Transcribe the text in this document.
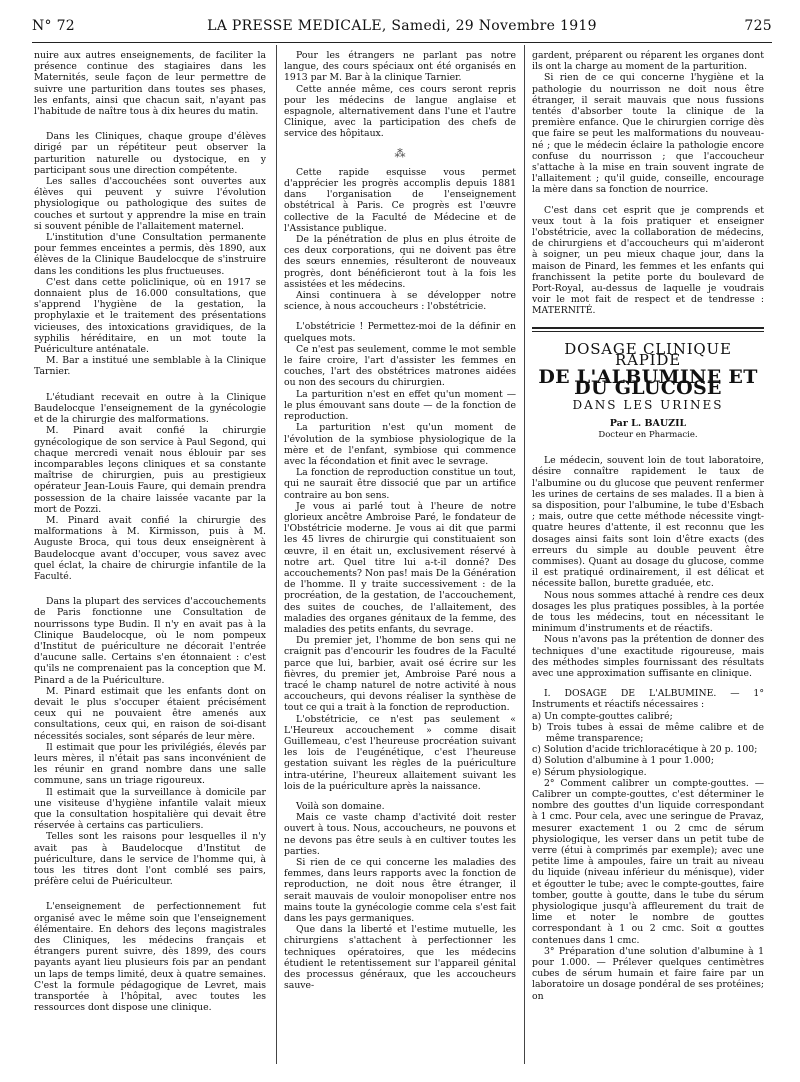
N° 72	LA PRESSE MEDICALE, Samedi, 29 Novembre 1919	725

nuire aux autres enseignements, de faciliter la présence continue des stagiaires dans les Maternités, seule façon de leur permettre de suivre une parturition dans toutes ses phases, les enfants, ainsi que chacun sait, n'ayant pas l'habitude de naître tous à dix heures du matin.

Dans les Cliniques, chaque groupe d'élèves dirigé par un répétiteur peut observer la parturition naturelle ou dystocique, en y participant sous une direction compétente.

Les salles d'accouchées sont ouvertes aux élèves qui peuvent y suivre l'évolution physiologique ou pathologique des suites de couches et surtout y apprendre la mise en train si souvent pénible de l'allaitement maternel.

L'institution d'une Consultation permanente pour femmes enceintes a permis, dès 1890, aux élèves de la Clinique Baudelocque de s'instruire dans les conditions les plus fructueuses.

C'est dans cette policlinique, où en 1917 se donnaient plus de 16.000 consultations, que s'apprend l'hygiène de la gestation, la prophylaxie et le traitement des présentations vicieuses, des intoxications gravidiques, de la syphilis héréditaire, en un mot toute la Puériculture anténatale.

M. Bar a institué une semblable à la Clinique Tarnier.

L'étudiant recevait en outre à la Clinique Baudelocque l'enseignement de la gynécologie et de la chirurgie des malformations.

M. Pinard avait confié la chirurgie gynécologique de son service à Paul Segond, qui chaque mercredi venait nous éblouir par ses incomparables leçons cliniques et sa constante maîtrise de chirurgien, puis au prestigieux opérateur Jean-Louis Faure, qui demain prendra possession de la chaire laissée vacante par la mort de Pozzi.

M. Pinard avait confié la chirurgie des malformations à M. Kirmisson, puis à M. Auguste Broca, qui tous deux enseignèrent à Baudelocque avant d'occuper, vous savez avec quel éclat, la chaire de chirurgie infantile de la Faculté.

Dans la plupart des services d'accouchements de Paris fonctionne une Consultation de nourrissons type Budin. Il n'y en avait pas à la Clinique Baudelocque, où le nom pompeux d'Institut de puériculture ne décorait l'entrée d'aucune salle. Certains s'en étonnaient : c'est qu'ils ne comprenaient pas la conception que M. Pinard a de la Puériculture.

M. Pinard estimait que les enfants dont on devait le plus s'occuper étaient précisément ceux qui ne pouvaient être amenés aux consultations, ceux qui, en raison de soi-disant nécessités sociales, sont séparés de leur mère.

Il estimait que pour les privilégiés, élevés par leurs mères, il n'était pas sans inconvénient de les réunir en grand nombre dans une salle commune, sans un triage rigoureux.

Il estimait que la surveillance à domicile par une visiteuse d'hygiène infantile valait mieux que la consultation hospitalière qui devait être réservée à certains cas particuliers.

Telles sont les raisons pour lesquelles il n'y avait pas à Baudelocque d'Institut de puériculture, dans le service de l'homme qui, à tous les titres dont l'ont comblé ses pairs, préfère celui de Puériculteur.

L'enseignement de perfectionnement fut organisé avec le même soin que l'enseignement élémentaire. En dehors des leçons magistrales des Cliniques, les médecins français et étrangers purent suivre, dès 1899, des cours payants ayant lieu plusieurs fois par an pendant un laps de temps limité, deux à quatre semaines. C'est la formule pédagogique de Levret, mais transportée à l'hôpital, avec toutes les ressources dont dispose une clinique.

Pour les étrangers ne parlant pas notre langue, des cours spéciaux ont été organisés en 1913 par M. Bar à la clinique Tarnier.

Cette année même, ces cours seront repris pour les médecins de langue anglaise et espagnole, alternativement dans l'une et l'autre Clinique, avec la participation des chefs de service des hôpitaux.

⁂

Cette rapide esquisse vous permet d'apprécier les progrès accomplis depuis 1881 dans l'organisation de l'enseignement obstétrical à Paris. Ce progrès est l'œuvre collective de la Faculté de Médecine et de l'Assistance publique.

De la pénétration de plus en plus étroite de ces deux corporations, qui ne doivent pas être des sœurs ennemies, résulteront de nouveaux progrès, dont bénéficieront tout à la fois les assistées et les médecins.

Ainsi continuera à se développer notre science, à nous accoucheurs : l'obstétricie.

L'obstétricie ! Permettez-moi de la définir en quelques mots.

Ce n'est pas seulement, comme le mot semble le faire croire, l'art d'assister les femmes en couches, l'art des obstétrices matrones aidées ou non des secours du chirurgien.

La parturition n'est en effet qu'un moment — le plus émouvant sans doute — de la fonction de reproduction.

La parturition n'est qu'un moment de l'évolution de la symbiose physiologique de la mère et de l'enfant, symbiose qui commence avec la fécondation et finit avec le sevrage.

La fonction de reproduction constitue un tout, qui ne saurait être dissocié que par un artifice contraire au bon sens.

Je vous ai parlé tout à l'heure de notre glorieux ancêtre Ambroise Paré, le fondateur de l'Obstétricie moderne. Je vous ai dit que parmi les 45 livres de chirurgie qui constituaient son œuvre, il en était un, exclusivement réservé à notre art. Quel titre lui a-t-il donné? Des accouchements? Non pas! mais De la Génération de l'homme. Il y traite successivement : de la procréation, de la gestation, de l'accouchement, des suites de couches, de l'allaitement, des maladies des organes génitaux de la femme, des maladies des petits enfants, du sevrage.

Du premier jet, l'homme de bon sens qui ne craignit pas d'encourir les foudres de la Faculté parce que lui, barbier, avait osé écrire sur les fièvres, du premier jet, Ambroise Paré nous a tracé le champ naturel de notre activité à nous accoucheurs, qui devons réaliser la synthèse de tout ce qui a trait à la fonction de reproduction.

L'obstétricie, ce n'est pas seulement « L'Heureux accouchement » comme disait Guillemeau, c'est l'heureuse procréation suivant les lois de l'eugénétique, c'est l'heureuse gestation suivant les règles de la puériculture intra-utérine, l'heureux allaitement suivant les lois de la puériculture après la naissance.

Voilà son domaine.

Mais ce vaste champ d'activité doit rester ouvert à tous. Nous, accoucheurs, ne pouvons et ne devons pas être seuls à en cultiver toutes les parties.

Si rien de ce qui concerne les maladies des femmes, dans leurs rapports avec la fonction de reproduction, ne doit nous être étranger, il serait mauvais de vouloir monopoliser entre nos mains toute la gynécologie comme cela s'est fait dans les pays germaniques.

Que dans la liberté et l'estime mutuelle, les chirurgiens s'attachent à perfectionner les techniques opératoires, que les médecins étudient le retentissement sur l'appareil génital des processus généraux, que les accoucheurs sauve-

gardent, préparent ou réparent les organes dont ils ont la charge au moment de la parturition.

Si rien de ce qui concerne l'hygiène et la pathologie du nourrisson ne doit nous être étranger, il serait mauvais que nous fussions tentés d'absorber toute la clinique de la première enfance. Que le chirurgien corrige dès que faire se peut les malformations du nouveau-né ; que le médecin éclaire la pathologie encore confuse du nourrisson ; que l'accoucheur s'attache à la mise en train souvent ingrate de l'allaitement ; qu'il guide, conseille, encourage la mère dans sa fonction de nourrice.

C'est dans cet esprit que je comprends et veux tout à la fois pratiquer et enseigner l'obstétricie, avec la collaboration de médecins, de chirurgiens et d'accoucheurs qui m'aideront à soigner, un peu mieux chaque jour, dans la maison de Pinard, les femmes et les enfants qui franchissent la petite porte du boulevard de Port-Royal, au-dessus de laquelle je voudrais voir le mot fait de respect et de tendresse : MATERNITÉ.

DOSAGE CLINIQUE RAPIDE
DE L'ALBUMINE ET DU GLUCOSE
DANS LES URINES
Par L. BAUZIL
Docteur en Pharmacie.

Le médecin, souvent loin de tout laboratoire, désire connaître rapidement le taux de l'albumine ou du glucose que peuvent renfermer les urines de certains de ses malades. Il a bien à sa disposition, pour l'albumine, le tube d'Esbach ; mais, outre que cette méthode nécessite vingt-quatre heures d'attente, il est reconnu que les dosages ainsi faits sont loin d'être exacts (des erreurs du simple au double peuvent être commises). Quant au dosage du glucose, comme il est pratiqué ordinairement, il est délicat et nécessite ballon, burette graduée, etc.

Nous nous sommes attaché à rendre ces deux dosages les plus pratiques possibles, à la portée de tous les médecins, tout en nécessitant le minimum d'instruments et de réactifs.

Nous n'avons pas la prétention de donner des techniques d'une exactitude rigoureuse, mais des méthodes simples fournissant des résultats avec une approximation suffisante en clinique.

I. DOSAGE DE L'ALBUMINE. — 1° Instruments et réactifs nécessaires :

a) Un compte-gouttes calibré;
b) Trois tubes à essai de même calibre et de même transparence;
c) Solution d'acide trichloracétique à 20 p. 100;
d) Solution d'albumine à 1 pour 1.000;
e) Sérum physiologique.

2° Comment calibrer un compte-gouttes. — Calibrer un compte-gouttes, c'est déterminer le nombre des gouttes d'un liquide correspondant à 1 cmc. Pour cela, avec une seringue de Pravaz, mesurer exactement 1 ou 2 cmc de sérum physiologique, les verser dans un petit tube de verre (étui à comprimés par exemple); avec une petite lime à ampoules, faire un trait au niveau du liquide (niveau inférieur du ménisque), vider et égoutter le tube; avec le compte-gouttes, faire tomber, goutte à goutte, dans le tube du sérum physiologique jusqu'à affleurement du trait de lime et noter le nombre de gouttes correspondant à 1 ou 2 cmc. Soit α gouttes contenues dans 1 cmc.

3° Préparation d'une solution d'albumine à 1 pour 1.000. — Prélever quelques centimètres cubes de sérum humain et faire faire par un laboratoire un dosage pondéral de ses protéines; on
